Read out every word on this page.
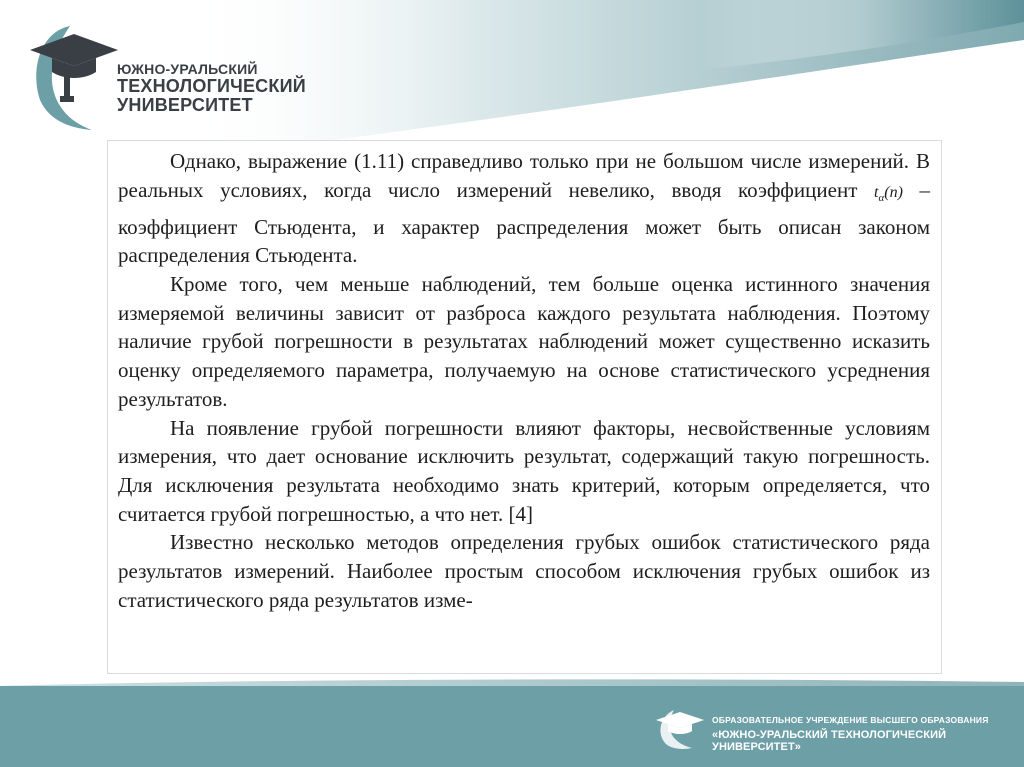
ЮЖНО-УРАЛЬСКИЙ
ТЕХНОЛОГИЧЕСКИЙ
УНИВЕРСИТЕТ

Однако, выражение (1.11) справедливо только при не большом числе измерений. В реальных условиях, когда число измерений невелико, вводя коэффициент $t_\alpha(n)$ – коэффициент Стьюдента, и характер распределения может быть описан законом распределения Стьюдента.

Кроме того, чем меньше наблюдений, тем больше оценка истинного значения измеряемой величины зависит от разброса каждого результата наблюдения. Поэтому наличие грубой погрешности в результатах наблюдений может существенно исказить оценку определяемого параметра, получаемую на основе статистического усреднения результатов.

На появление грубой погрешности влияют факторы, несвойственные условиям измерения, что дает основание исключить результат, содержащий такую погрешность. Для исключения результата необходимо знать критерий, которым определяется, что считается грубой погрешностью, а что нет. [4]

Известно несколько методов определения грубых ошибок статистического ряда результатов измерений. Наиболее простым способом исключения грубых ошибок из статистического ряда результатов изме-

ОБРАЗОВАТЕЛЬНОЕ УЧРЕЖДЕНИЕ ВЫСШЕГО ОБРАЗОВАНИЯ
«ЮЖНО-УРАЛЬСКИЙ ТЕХНОЛОГИЧЕСКИЙ УНИВЕРСИТЕТ»
